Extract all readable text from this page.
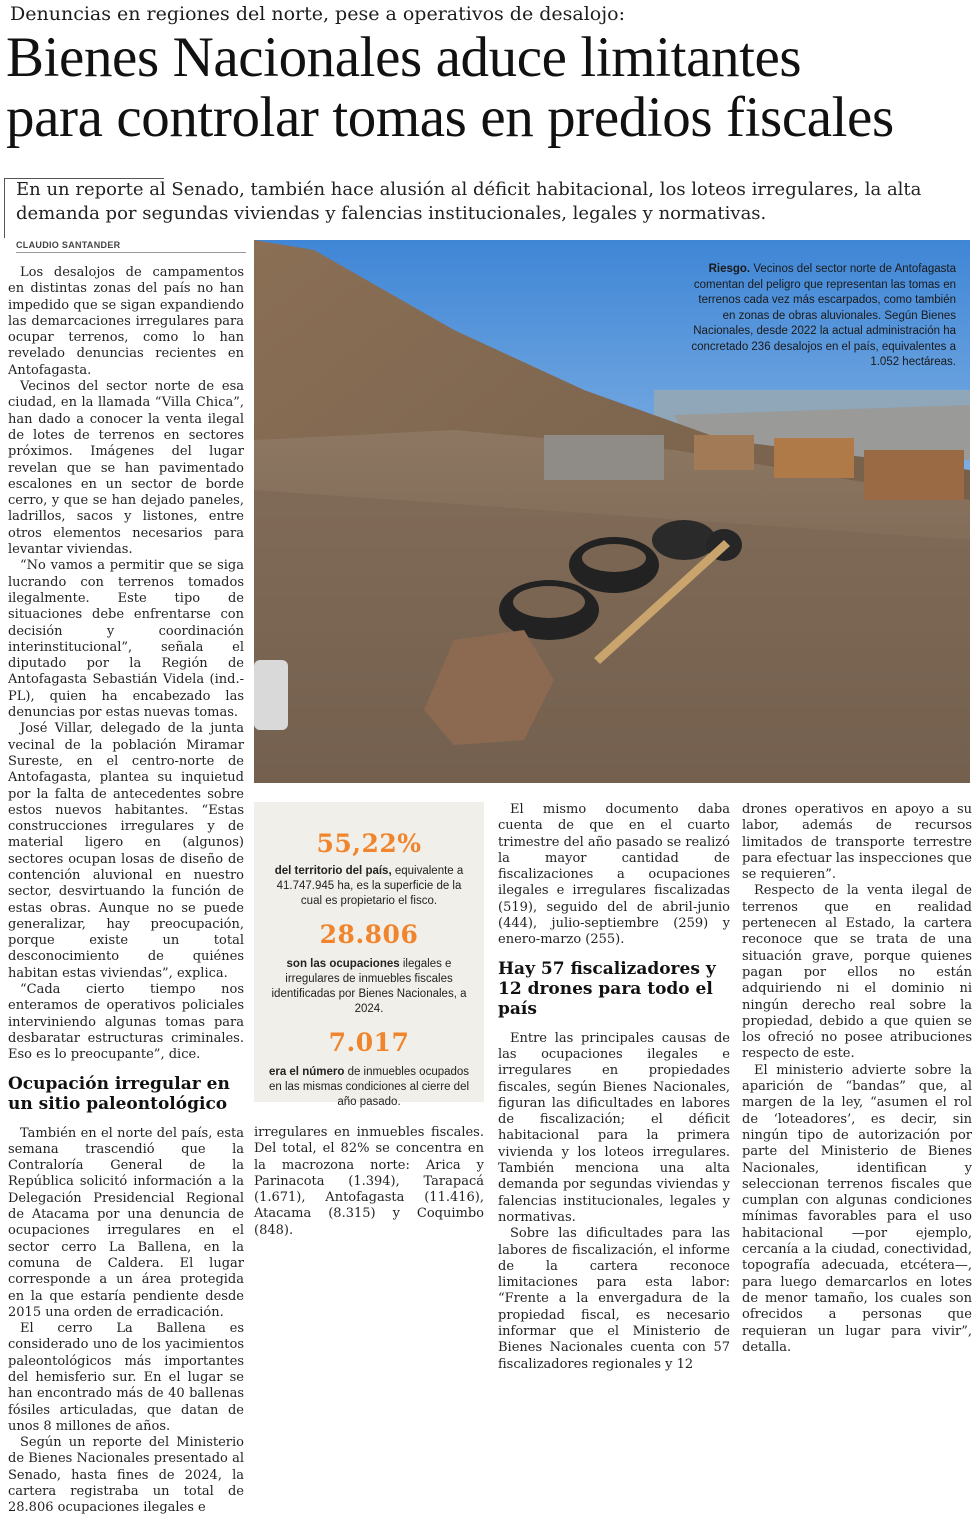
Denuncias en regiones del norte, pese a operativos de desalojo:
Bienes Nacionales aduce limitantes
para controlar tomas en predios fiscales
En un reporte al Senado, también hace alusión al déficit habitacional, los loteos irregulares, la alta demanda por segundas viviendas y falencias institucionales, legales y normativas.
CLAUDIO SANTANDER

Los desalojos de campamentos en distintas zonas del país no han impedido que se sigan expandiendo las demarcaciones irregulares para ocupar terrenos, como lo han revelado denuncias recientes en Antofagasta.

Vecinos del sector norte de esa ciudad, en la llamada “Villa Chica”, han dado a conocer la venta ilegal de lotes de terrenos en sectores próximos. Imágenes del lugar revelan que se han pavimentado escalones en un sector de borde cerro, y que se han dejado paneles, ladrillos, sacos y listones, entre otros elementos necesarios para levantar viviendas.

“No vamos a permitir que se siga lucrando con terrenos tomados ilegalmente. Este tipo de situaciones debe enfrentarse con decisión y coordinación interinstitucional”, señala el diputado por la Región de Antofagasta Sebastián Videla (ind.-PL), quien ha encabezado las denuncias por estas nuevas tomas.

José Villar, delegado de la junta vecinal de la población Miramar Sureste, en el centro-norte de Antofagasta, plantea su inquietud por la falta de antecedentes sobre estos nuevos habitantes. “Estas construcciones irregulares y de material ligero en (algunos) sectores ocupan losas de diseño de contención aluvional en nuestro sector, desvirtuando la función de estas obras. Aunque no se puede generalizar, hay preocupación, porque existe un total desconocimiento de quiénes habitan estas viviendas”, explica.

“Cada cierto tiempo nos enteramos de operativos policiales interviniendo algunas tomas para desbaratar estructuras criminales. Eso es lo preocupante”, dice.

Ocupación irregular en un sitio paleontológico

También en el norte del país, esta semana trascendió que la Contraloría General de la República solicitó información a la Delegación Presidencial Regional de Atacama por una denuncia de ocupaciones irregulares en el sector cerro La Ballena, en la comuna de Caldera. El lugar corresponde a un área protegida en la que estaría pendiente desde 2015 una orden de erradicación.

El cerro La Ballena es considerado uno de los yacimientos paleontológicos más importantes del hemisferio sur. En el lugar se han encontrado más de 40 ballenas fósiles articuladas, que datan de unos 8 millones de años.

Según un reporte del Ministerio de Bienes Nacionales presentado al Senado, hasta fines de 2024, la cartera registraba un total de 28.806 ocupaciones ilegales e

Riesgo. Vecinos del sector norte de Antofagasta comentan del peligro que representan las tomas en terrenos cada vez más escarpados, como también en zonas de obras aluvionales. Según Bienes Nacionales, desde 2022 la actual administración ha concretado 236 desalojos en el país, equivalentes a 1.052 hectáreas.
55,22%
del territorio del país, equivalente a 41.747.945 ha, es la superficie de la cual es propietario el fisco.
28.806
son las ocupaciones ilegales e irregulares de inmuebles fiscales identificadas por Bienes Nacionales, a 2024.
7.017
era el número de inmuebles ocupados en las mismas condiciones al cierre del año pasado.

irregulares en inmuebles fiscales. Del total, el 82% se concentra en la macrozona norte: Arica y Parinacota (1.394), Tarapacá (1.671), Antofagasta (11.416), Atacama (8.315) y Coquimbo (848).

El mismo documento daba cuenta de que en el cuarto trimestre del año pasado se realizó la mayor cantidad de fiscalizaciones a ocupaciones ilegales e irregulares fiscalizadas (519), seguido del de abril-junio (444), julio-septiembre (259) y enero-marzo (255).

Hay 57 fiscalizadores y 12 drones para todo el país

Entre las principales causas de las ocupaciones ilegales e irregulares en propiedades fiscales, según Bienes Nacionales, figuran las dificultades en labores de fiscalización; el déficit habitacional para la primera vivienda y los loteos irregulares. También menciona una alta demanda por segundas viviendas y falencias institucionales, legales y normativas.

Sobre las dificultades para las labores de fiscalización, el informe de la cartera reconoce limitaciones para esta labor: “Frente a la envergadura de la propiedad fiscal, es necesario informar que el Ministerio de Bienes Nacionales cuenta con 57 fiscalizadores regionales y 12

drones operativos en apoyo a su labor, además de recursos limitados de transporte terrestre para efectuar las inspecciones que se requieren”.

Respecto de la venta ilegal de terrenos que en realidad pertenecen al Estado, la cartera reconoce que se trata de una situación grave, porque quienes pagan por ellos no están adquiriendo ni el dominio ni ningún derecho real sobre la propiedad, debido a que quien se los ofreció no posee atribuciones respecto de este.

El ministerio advierte sobre la aparición de “bandas” que, al margen de la ley, “asumen el rol de ‘loteadores’, es decir, sin ningún tipo de autorización por parte del Ministerio de Bienes Nacionales, identifican y seleccionan terrenos fiscales que cumplan con algunas condiciones mínimas favorables para el uso habitacional —por ejemplo, cercanía a la ciudad, conectividad, topografía adecuada, etcétera—, para luego demarcarlos en lotes de menor tamaño, los cuales son ofrecidos a personas que requieran un lugar para vivir”, detalla.
